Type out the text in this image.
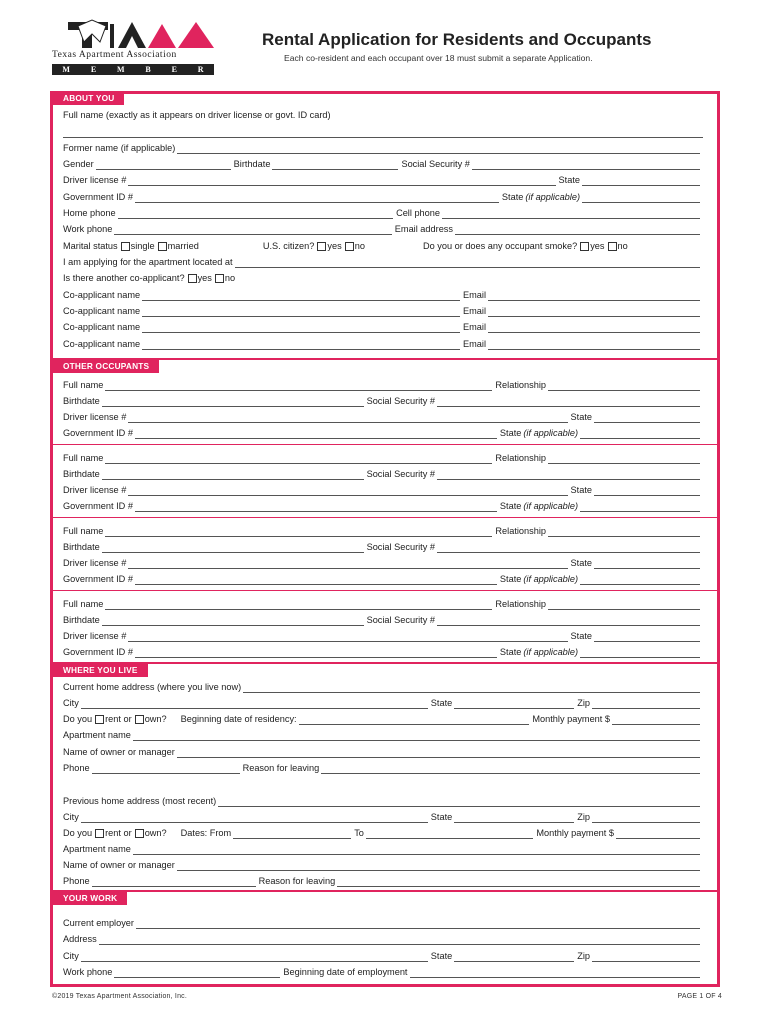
Texas Apartment Association
M	E	M	B	E	R
Rental Application for Residents and Occupants
Each co-resident and each occupant over 18 must submit a separate Application.
ABOUT YOU
Full name (exactly as it appears on driver license or govt. ID card)
Former name (if applicable)
Gender	Birthdate	Social Security #
Driver license #	State
Government ID #	State (if applicable)
Home phone	Cell phone
Work phone	Email address
Marital status single married	U.S. citizen? yes no	Do you or does any occupant smoke? yes no
I am applying for the apartment located at
Is there another co-applicant? yes no
Co-applicant name	Email
Co-applicant name	Email
Co-applicant name	Email
Co-applicant name	Email
OTHER OCCUPANTS
Full name	Relationship
Birthdate	Social Security #
Driver license #	State
Government ID #	State (if applicable)
Full name	Relationship
Birthdate	Social Security #
Driver license #	State
Government ID #	State (if applicable)
Full name	Relationship
Birthdate	Social Security #
Driver license #	State
Government ID #	State (if applicable)
Full name	Relationship
Birthdate	Social Security #
Driver license #	State
Government ID #	State (if applicable)
WHERE YOU LIVE
Current home address (where you live now)
City	State	Zip
Do you rent or own? Beginning date of residency:	Monthly payment $
Apartment name
Name of owner or manager
Phone	Reason for leaving
Previous home address (most recent)
City	State	Zip
Do you rent or own? Dates: From	To	Monthly payment $
Apartment name
Name of owner or manager
Phone	Reason for leaving
YOUR WORK
Current employer
Address
City	State	Zip
Work phone	Beginning date of employment
©2019 Texas Apartment Association, Inc.	PAGE 1 OF 4
